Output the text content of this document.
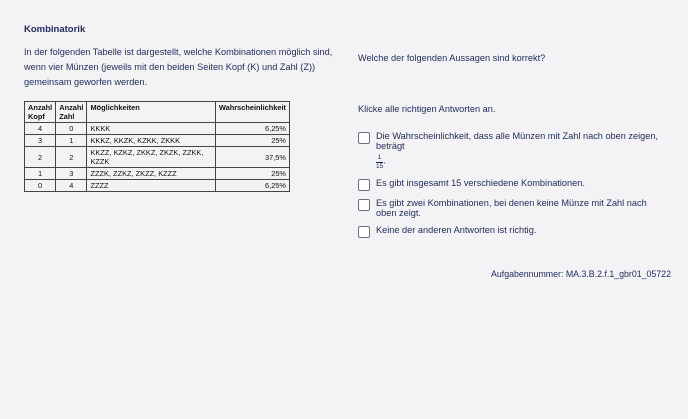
Kombinatorik

In der folgenden Tabelle ist dargestellt, welche Kombinationen möglich sind, wenn vier Münzen (jeweils mit den beiden Seiten Kopf (K) und Zahl (Z)) gemeinsam geworfen werden.

Anzahl Kopf	Anzahl Zahl	Möglichkeiten	Wahrscheinlichkeit
4	0	KKKK	6,25%
3	1	KKKZ, KKZK, KZKK, ZKKK	25%
2	2	KKZZ, KZKZ, ZKKZ, ZKZK, ZZKK, KZZK	37,5%
1	3	ZZZK, ZZKZ, ZKZZ, KZZZ	25%
0	4	ZZZZ	6,25%

Welche der folgenden Aussagen sind korrekt?

Klicke alle richtigen Antworten an.

Die Wahrscheinlichkeit, dass alle Münzen mit Zahl nach oben zeigen, beträgt

$\frac{1}{15}$ .
Es gibt insgesamt 15 verschiedene Kombinationen.
Es gibt zwei Kombinationen, bei denen keine Münze mit Zahl nach oben zeigt.
Keine der anderen Antworten ist richtig.
Aufgabennummer: MA.3.B.2.f.1_gbr01_05722
